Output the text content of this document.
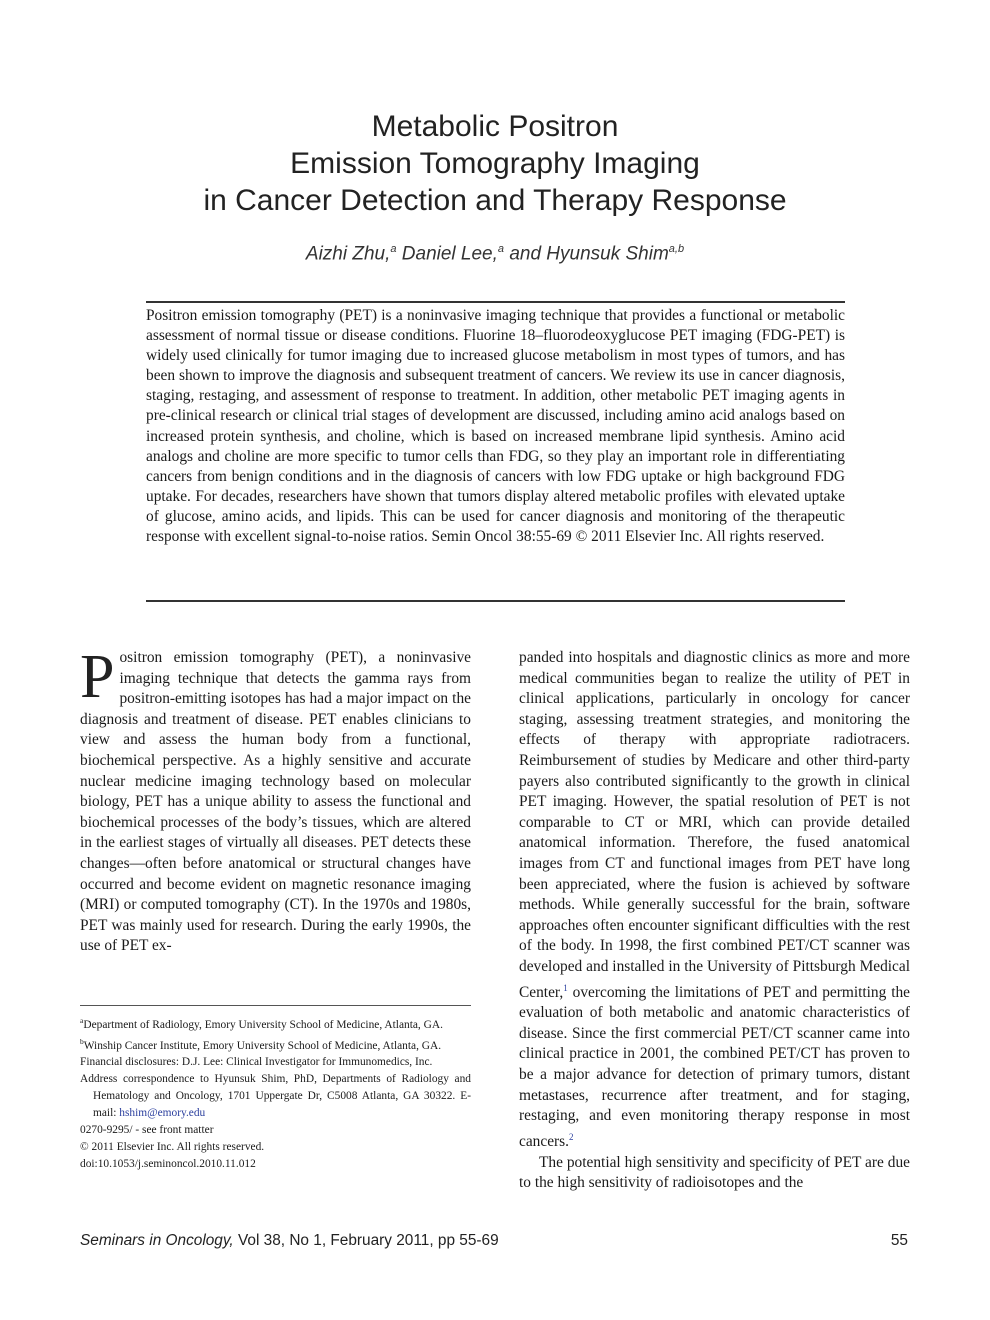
Metabolic Positron
Emission Tomography Imaging
in Cancer Detection and Therapy Response
Aizhi Zhu,$^a$ Daniel Lee,$^a$ and Hyunsuk Shim$^{a,b}$
Positron emission tomography (PET) is a noninvasive imaging technique that provides a functional or metabolic assessment of normal tissue or disease conditions. Fluorine 18–fluorodeoxyglucose PET imaging (FDG-PET) is widely used clinically for tumor imaging due to increased glucose metabolism in most types of tumors, and has been shown to improve the diagnosis and subsequent treatment of cancers. We review its use in cancer diagnosis, staging, restaging, and assessment of response to treatment. In addition, other metabolic PET imaging agents in pre-clinical research or clinical trial stages of development are discussed, including amino acid analogs based on increased protein synthesis, and choline, which is based on increased membrane lipid synthesis. Amino acid analogs and choline are more specific to tumor cells than FDG, so they play an important role in differentiating cancers from benign conditions and in the diagnosis of cancers with low FDG uptake or high background FDG uptake. For decades, researchers have shown that tumors display altered metabolic profiles with elevated uptake of glucose, amino acids, and lipids. This can be used for cancer diagnosis and monitoring of the therapeutic response with excellent signal-to-noise ratios. Semin Oncol 38:55-69 © 2011 Elsevier Inc. All rights reserved.

Positron emission tomography (PET), a noninvasive imaging technique that detects the gamma rays from positron-emitting isotopes has had a major impact on the diagnosis and treatment of disease. PET enables clinicians to view and assess the human body from a functional, biochemical perspective. As a highly sensitive and accurate nuclear medicine imaging technology based on molecular biology, PET has a unique ability to assess the functional and biochemical processes of the body’s tissues, which are altered in the earliest stages of virtually all diseases. PET detects these changes—often before anatomical or structural changes have occurred and become evident on magnetic resonance imaging (MRI) or computed tomography (CT). In the 1970s and 1980s, PET was mainly used for research. During the early 1990s, the use of PET ex-

$^a$Department of Radiology, Emory University School of Medicine, Atlanta, GA.
$^b$Winship Cancer Institute, Emory University School of Medicine, Atlanta, GA.
Financial disclosures: D.J. Lee: Clinical Investigator for Immunomedics, Inc.
Address correspondence to Hyunsuk Shim, PhD, Departments of Radiology and Hematology and Oncology, 1701 Uppergate Dr, C5008 Atlanta, GA 30322. E-mail: hshim@emory.edu
0270-9295/ - see front matter
© 2011 Elsevier Inc. All rights reserved.
doi:10.1053/j.seminoncol.2010.11.012

panded into hospitals and diagnostic clinics as more and more medical communities began to realize the utility of PET in clinical applications, particularly in oncology for cancer staging, assessing treatment strategies, and monitoring the effects of therapy with appropriate radiotracers. Reimbursement of studies by Medicare and other third-party payers also contributed significantly to the growth in clinical PET imaging. However, the spatial resolution of PET is not comparable to CT or MRI, which can provide detailed anatomical information. Therefore, the fused anatomical images from CT and functional images from PET have long been appreciated, where the fusion is achieved by software methods. While generally successful for the brain, software approaches often encounter significant difficulties with the rest of the body. In 1998, the first combined PET/CT scanner was developed and installed in the University of Pittsburgh Medical Center,$^1$ overcoming the limitations of PET and permitting the evaluation of both metabolic and anatomic characteristics of disease. Since the first commercial PET/CT scanner came into clinical practice in 2001, the combined PET/CT has proven to be a major advance for detection of primary tumors, distant metastases, recurrence after treatment, and for staging, restaging, and even monitoring therapy response in most cancers.$^2$

The potential high sensitivity and specificity of PET are due to the high sensitivity of radioisotopes and the

Seminars in Oncology, Vol 38, No 1, February 2011, pp 55-69	55
